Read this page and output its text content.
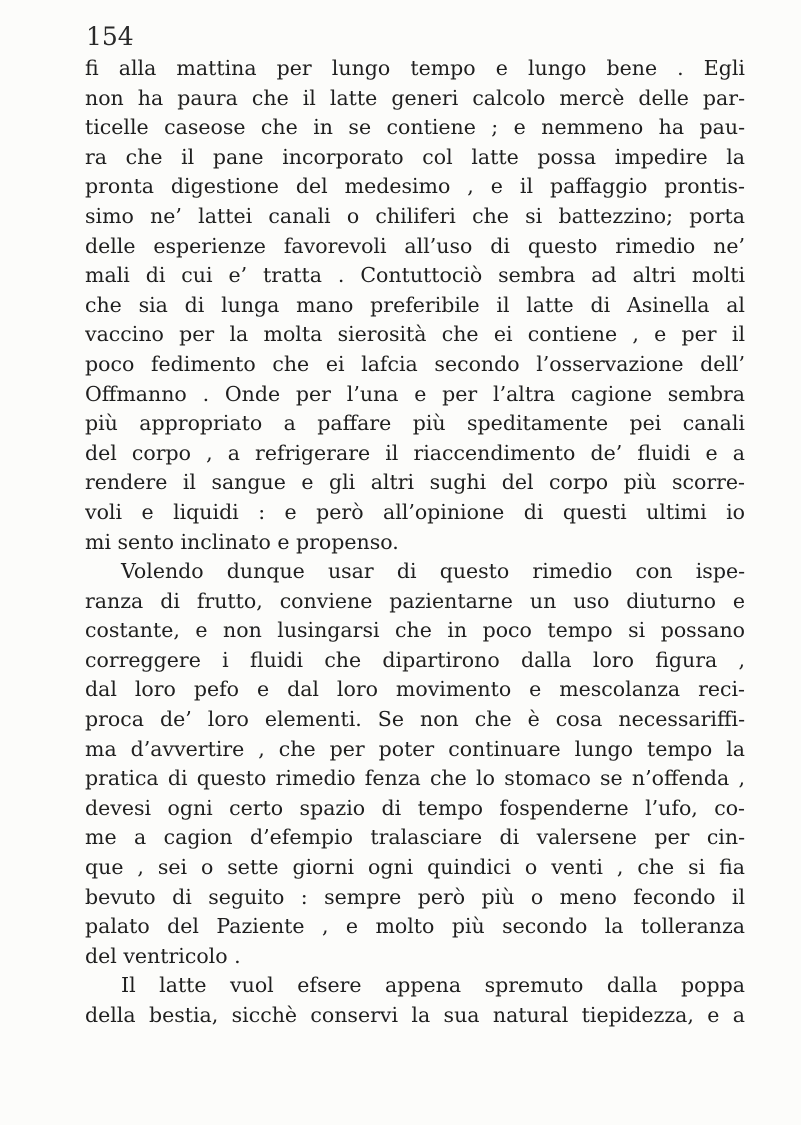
154
fi alla mattina per lungo tempo e lungo bene . Egli
non ha paura che il latte generi calcolo mercè delle par-
ticelle caseose che in se contiene ; e nemmeno ha pau-
ra che il pane incorporato col latte possa impedire la
pronta digestione del medesimo , e il paffaggio prontis-
simo ne’ lattei canali o chiliferi che si battezzino; porta
delle esperienze favorevoli all’uso di questo rimedio ne’
mali di cui e’ tratta . Contuttociò sembra ad altri molti
che sia di lunga mano preferibile il latte di Asinella al
vaccino per la molta sierosità che ei contiene , e per il
poco fedimento che ei lafcia secondo l’osservazione dell’
Offmanno . Onde per l’una e per l’altra cagione sembra
più appropriato a paffare più speditamente pei canali
del corpo , a refrigerare il riaccendimento de’ fluidi e a
rendere il sangue e gli altri sughi del corpo più scorre-
voli e liquidi : e però all’opinione di questi ultimi io
mi sento inclinato e propenso.
Volendo dunque usar di questo rimedio con ispe-
ranza di frutto, conviene pazientarne un uso diuturno e
costante, e non lusingarsi che in poco tempo si possano
correggere i fluidi che dipartirono dalla loro figura ,
dal loro pefo e dal loro movimento e mescolanza reci-
proca de’ loro elementi. Se non che è cosa necessariffi-
ma d’avvertire , che per poter continuare lungo tempo la
pratica di questo rimedio fenza che lo stomaco se n’offenda ,
devesi ogni certo spazio di tempo fospenderne l’ufo, co-
me a cagion d’efempio tralasciare di valersene per cin-
que , sei o sette giorni ogni quindici o venti , che si fia
bevuto di seguito : sempre però più o meno fecondo il
palato del Paziente , e molto più secondo la tolleranza
del ventricolo .
Il latte vuol efsere appena spremuto dalla poppa
della bestia, sicchè conservi la sua natural tiepidezza, e a
